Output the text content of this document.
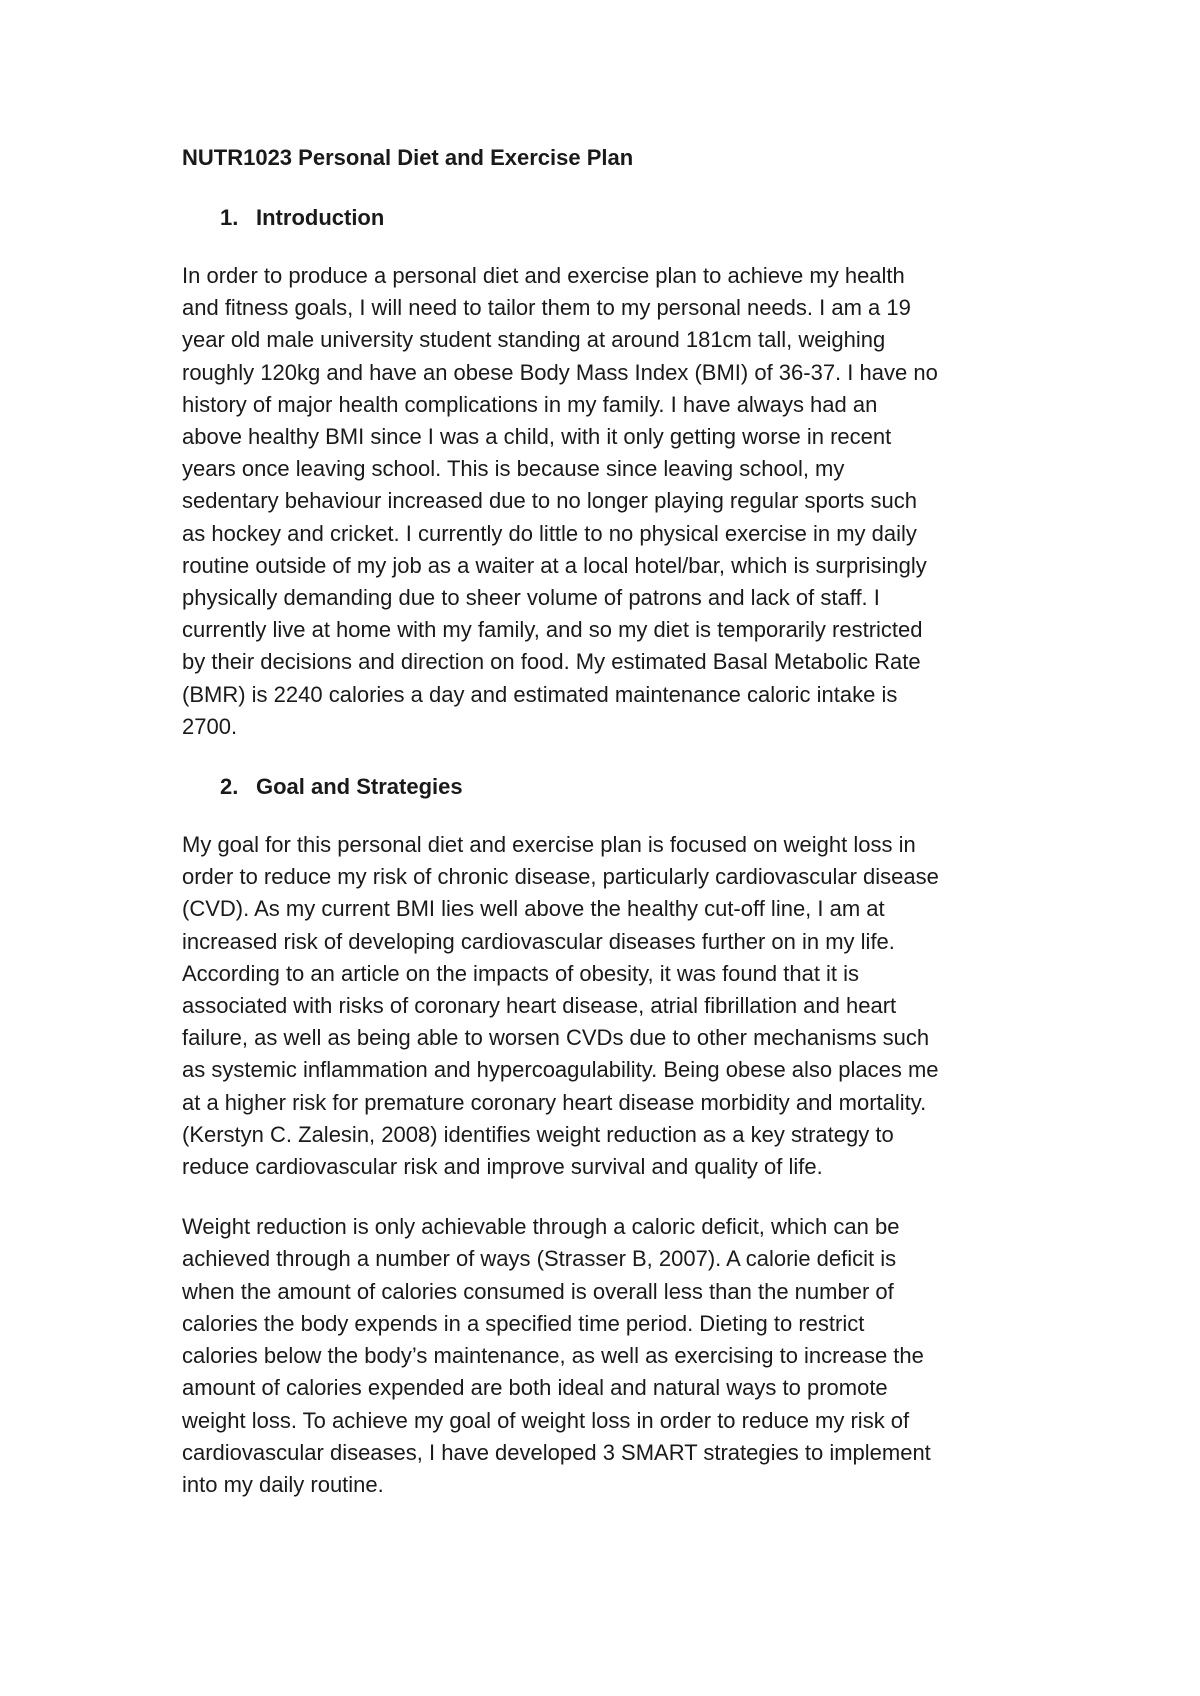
NUTR1023 Personal Diet and Exercise Plan
1. Introduction
In order to produce a personal diet and exercise plan to achieve my health
and fitness goals, I will need to tailor them to my personal needs. I am a 19
year old male university student standing at around 181cm tall, weighing
roughly 120kg and have an obese Body Mass Index (BMI) of 36-37. I have no
history of major health complications in my family. I have always had an
above healthy BMI since I was a child, with it only getting worse in recent
years once leaving school. This is because since leaving school, my
sedentary behaviour increased due to no longer playing regular sports such
as hockey and cricket. I currently do little to no physical exercise in my daily
routine outside of my job as a waiter at a local hotel/bar, which is surprisingly
physically demanding due to sheer volume of patrons and lack of staff. I
currently live at home with my family, and so my diet is temporarily restricted
by their decisions and direction on food. My estimated Basal Metabolic Rate
(BMR) is 2240 calories a day and estimated maintenance caloric intake is
2700.
2. Goal and Strategies
My goal for this personal diet and exercise plan is focused on weight loss in
order to reduce my risk of chronic disease, particularly cardiovascular disease
(CVD). As my current BMI lies well above the healthy cut-off line, I am at
increased risk of developing cardiovascular diseases further on in my life.
According to an article on the impacts of obesity, it was found that it is
associated with risks of coronary heart disease, atrial fibrillation and heart
failure, as well as being able to worsen CVDs due to other mechanisms such
as systemic inflammation and hypercoagulability. Being obese also places me
at a higher risk for premature coronary heart disease morbidity and mortality.
(Kerstyn C. Zalesin, 2008) identifies weight reduction as a key strategy to
reduce cardiovascular risk and improve survival and quality of life.
Weight reduction is only achievable through a caloric deficit, which can be
achieved through a number of ways (Strasser B, 2007). A calorie deficit is
when the amount of calories consumed is overall less than the number of
calories the body expends in a specified time period. Dieting to restrict
calories below the body’s maintenance, as well as exercising to increase the
amount of calories expended are both ideal and natural ways to promote
weight loss. To achieve my goal of weight loss in order to reduce my risk of
cardiovascular diseases, I have developed 3 SMART strategies to implement
into my daily routine.
